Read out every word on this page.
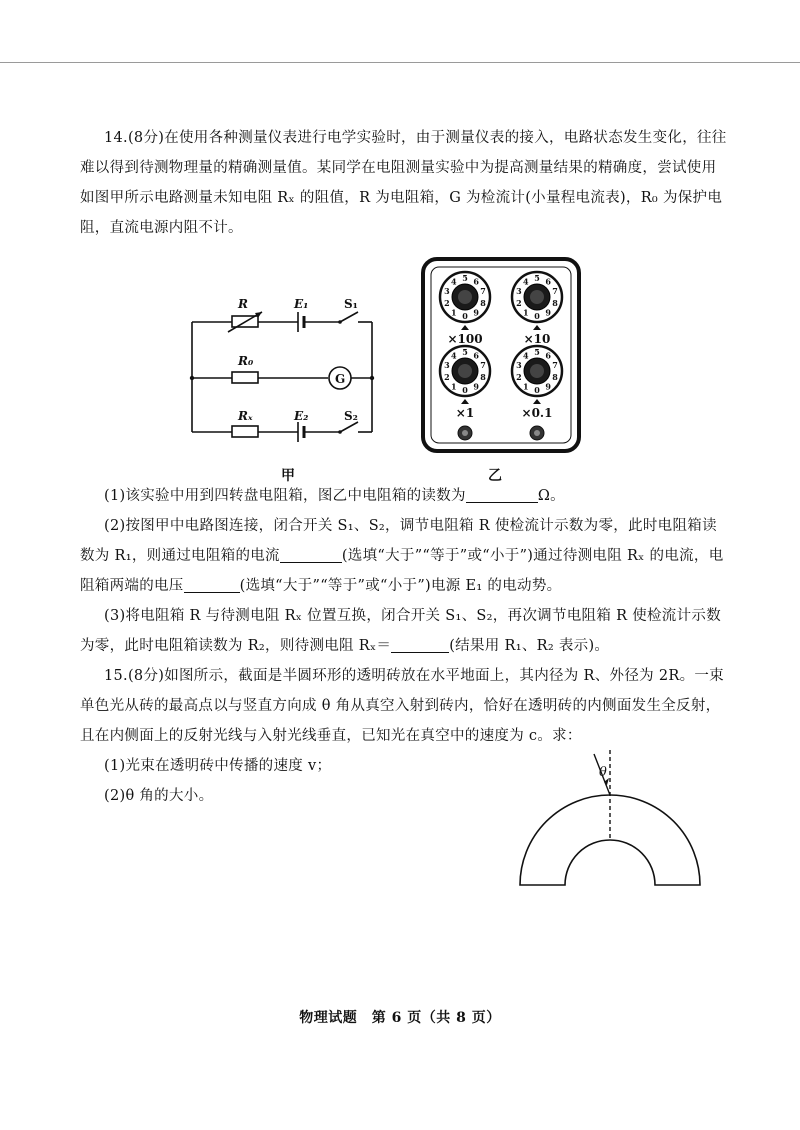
14.(8分)在使用各种测量仪表进行电学实验时，由于测量仪表的接入，电路状态发生变化，往往难以得到待测物理量的精确测量值。某同学在电阻测量实验中为提高测量结果的精确度，尝试使用如图甲所示电路测量未知电阻 Rₓ 的阻值，R 为电阻箱，G 为检流计(小量程电流表)，R₀ 为保护电阻，直流电源内阻不计。

R	E₁	S₁
R₀
G
Rₓ	E₂	S₂
甲
0
1
2
3
4 5 6
7
8
9
×100
0
1
2
3
4 5 6
7
8
9
×10
0
1
2
3
4 5 6
7
8
9
×1
0
1
2
3
4 5 6
7
8
9
×0.1
乙

(1)该实验中用到四转盘电阻箱，图乙中电阻箱的读数为	Ω。

(2)按图甲中电路图连接，闭合开关 S₁、S₂，调节电阻箱 R 使检流计示数为零，此时电阻箱读数为 R₁，则通过电阻箱的电流	(选填“大于”“等于”或“小于”)通过待测电阻 Rₓ 的电流，电阻箱两端的电压	(选填“大于”“等于”或“小于”)电源 E₁ 的电动势。

(3)将电阻箱 R 与待测电阻 Rₓ 位置互换，闭合开关 S₁、S₂，再次调节电阻箱 R 使检流计示数为零，此时电阻箱读数为 R₂，则待测电阻 Rₓ＝	(结果用 R₁、R₂ 表示)。

15.(8分)如图所示，截面是半圆环形的透明砖放在水平地面上，其内径为 R、外径为 2R。一束单色光从砖的最高点以与竖直方向成 θ 角从真空入射到砖内，恰好在透明砖的内侧面发生全反射，且在内侧面上的反射光线与入射光线垂直，已知光在真空中的速度为 c。求：

(1)光束在透明砖中传播的速度 v；

(2)θ 角的大小。

θ
物理试题　第 6 页（共 8 页）
